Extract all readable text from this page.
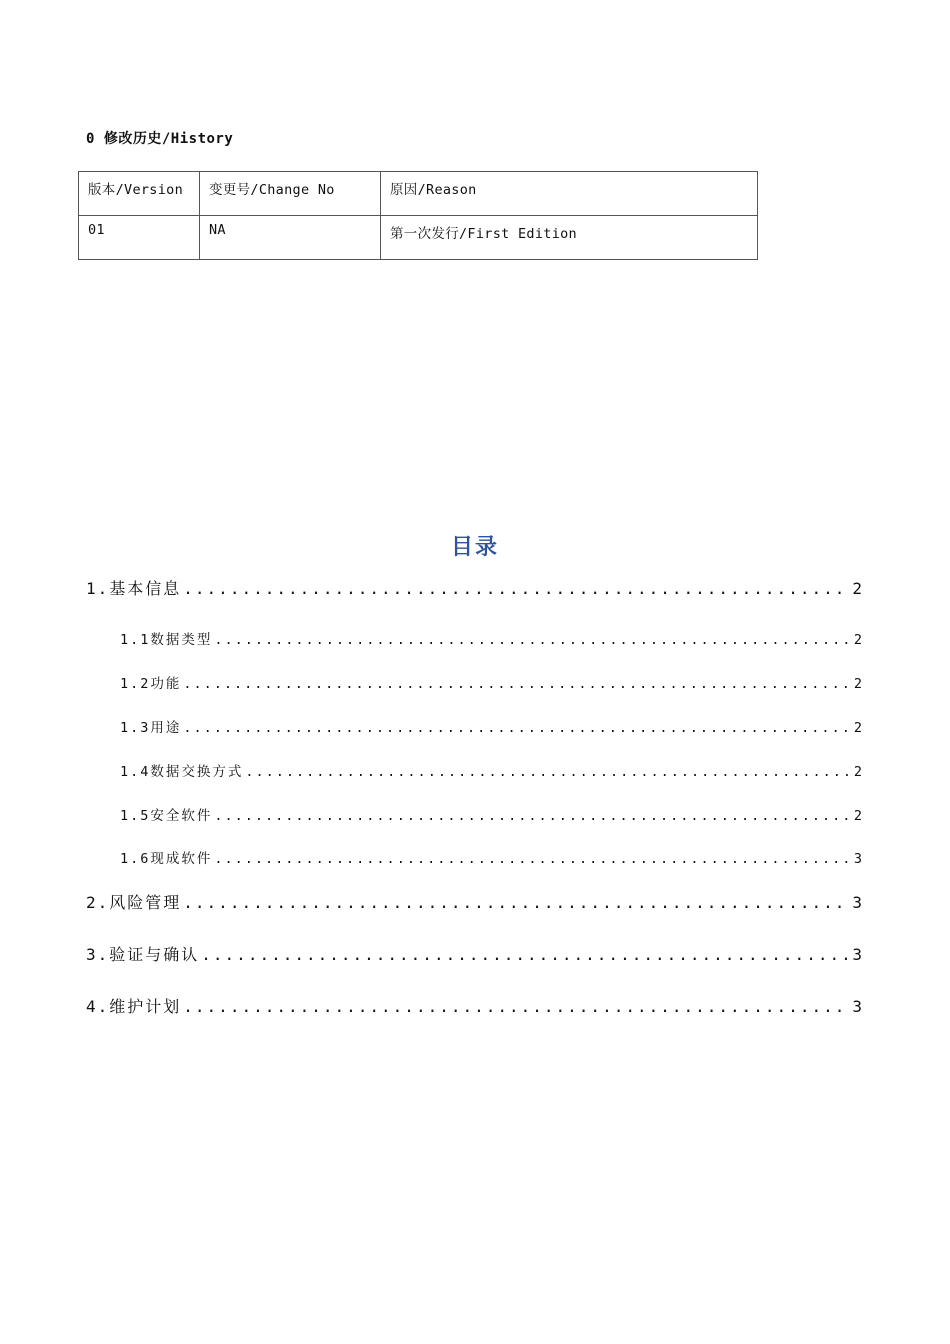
0 修改历史/History
版本/Version	变更号/Change No	原因/Reason
01	NA	第一次发行/First Edition
目录
1.基本信息 .....	2
1.1数据类型 .....	2
1.2功能 .....	2
1.3用途 .....	2
1.4数据交换方式 .....	2
1.5安全软件 .....	2
1.6现成软件 .....	3
2.风险管理 .....	3
3.验证与确认 .....	3
4.维护计划 .....	3
